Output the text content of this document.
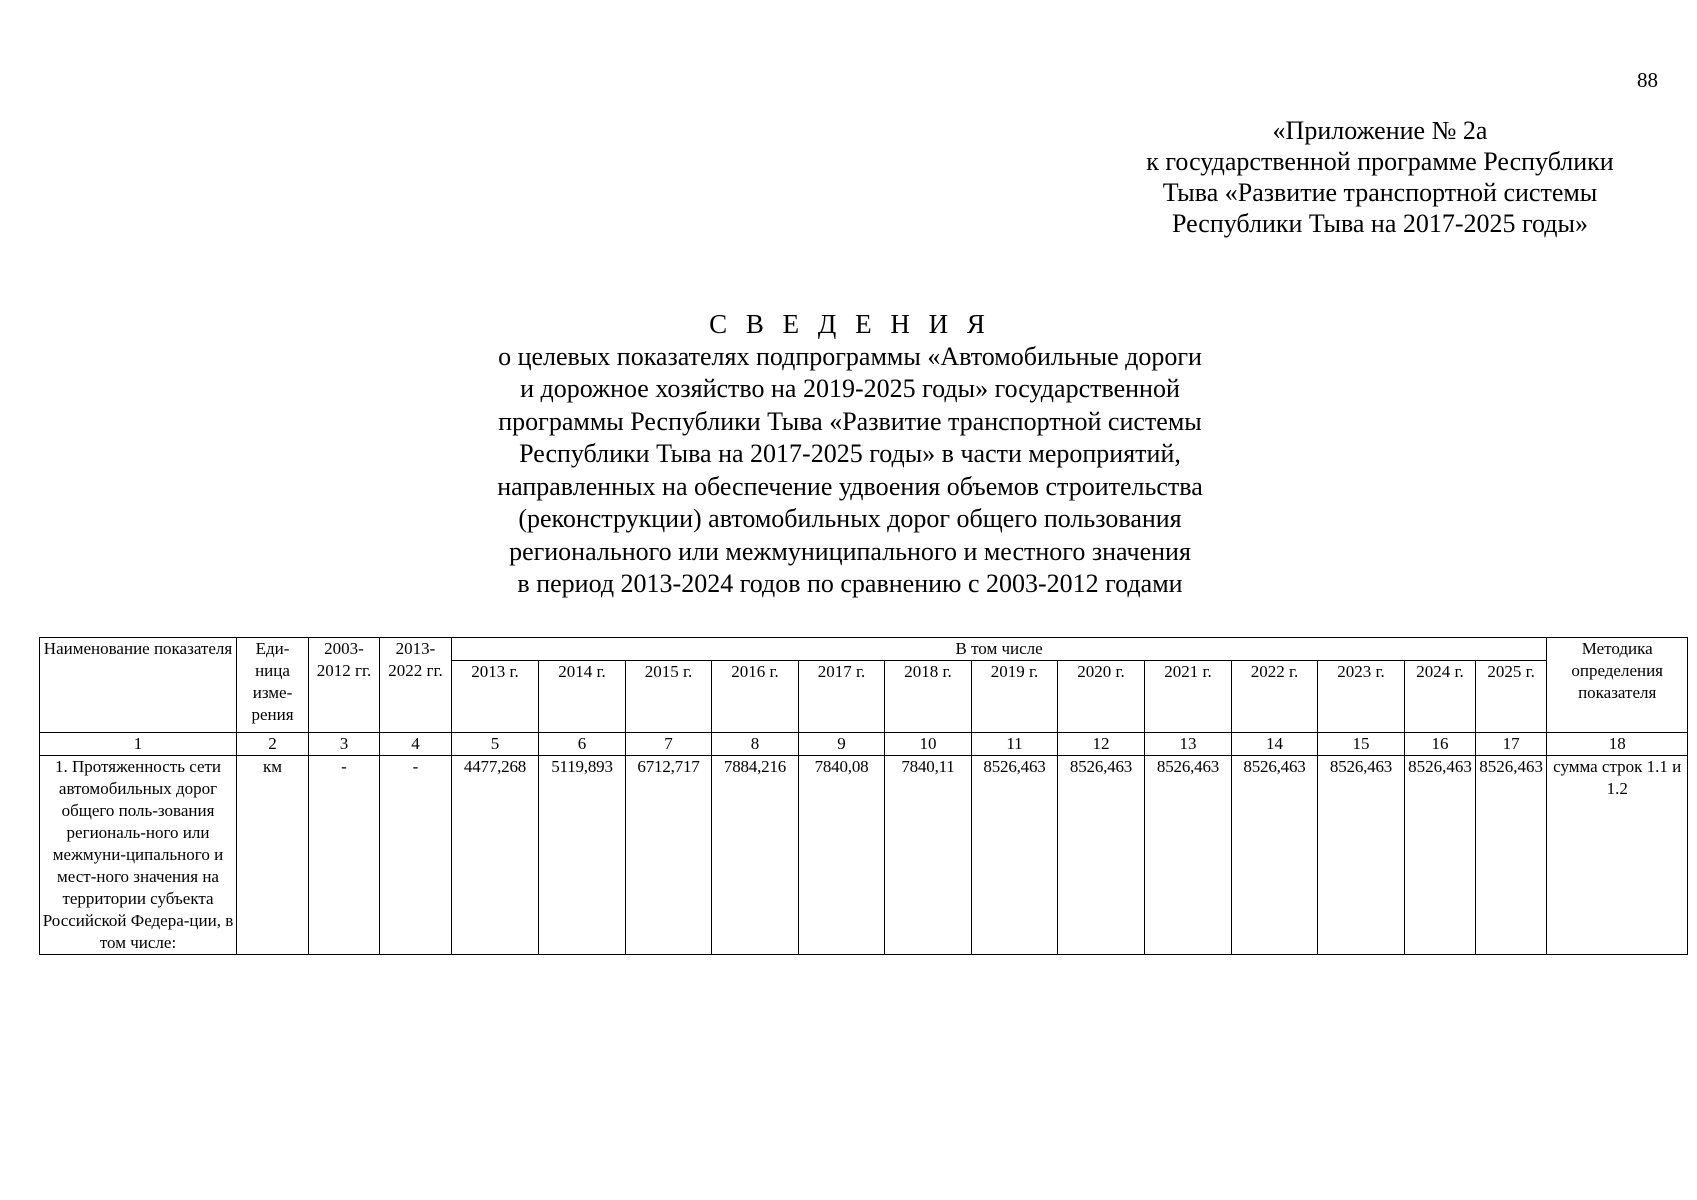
88
«Приложение № 2а
к государственной программе Республики
Тыва «Развитие транспортной системы
Республики Тыва на 2017-2025 годы»
С В Е Д Е Н И Я
о целевых показателях подпрограммы «Автомобильные дороги
и дорожное хозяйство на 2019-2025 годы» государственной
программы Республики Тыва «Развитие транспортной системы
Республики Тыва на 2017-2025 годы» в части мероприятий,
направленных на обеспечение удвоения объемов строительства
(реконструкции) автомобильных дорог общего пользования
регионального или межмуниципального и местного значения
в период 2013-2024 годов по сравнению с 2003-2012 годами
Наименование показателя	Еди-ница изме-рения	2003-2012 гг.	2013-2022 гг.	В том числе													Методика определения показателя
				2013 г.	2014 г.	2015 г.	2016 г.	2017 г.	2018 г.	2019 г.	2020 г.	2021 г.	2022 г.	2023 г.	2024 г.	2025 г.	
1	2	3	4	5	6	7	8	9	10	11	12	13	14	15	16	17	18
1. Протяженность сети автомобильных дорог общего поль-зования региональ-ного или межмуни-ципального и мест-ного значения на территории субъекта Российской Федера-ции, в том числе:	км	-	-	4477,268	5119,893	6712,717	7884,216	7840,08	7840,11	8526,463	8526,463	8526,463	8526,463	8526,463	8526,463	8526,463	сумма строк 1.1 и 1.2
